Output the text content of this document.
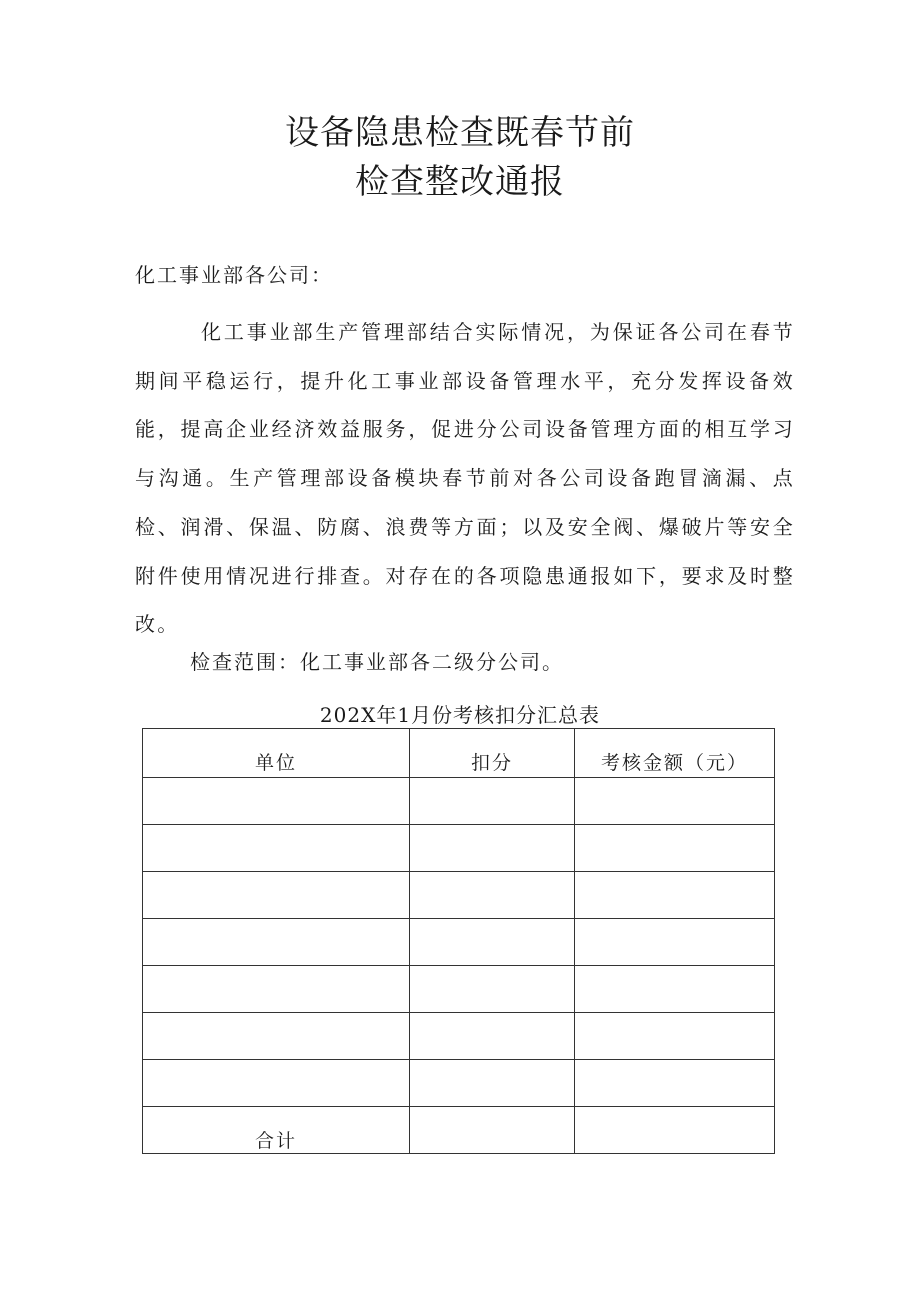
设备隐患检查既春节前
检查整改通报
化工事业部各公司：

化工事业部生产管理部结合实际情况，为保证各公司在春节期间平稳运行，提升化工事业部设备管理水平，充分发挥设备效能，提高企业经济效益服务，促进分公司设备管理方面的相互学习与沟通。生产管理部设备模块春节前对各公司设备跑冒滴漏、点检、润滑、保温、防腐、浪费等方面；以及安全阀、爆破片等安全附件使用情况进行排查。对存在的各项隐患通报如下，要求及时整改。

检查范围：化工事业部各二级分公司。
202X年1月份考核扣分汇总表
单位	扣分	考核金额（元）

合计		
